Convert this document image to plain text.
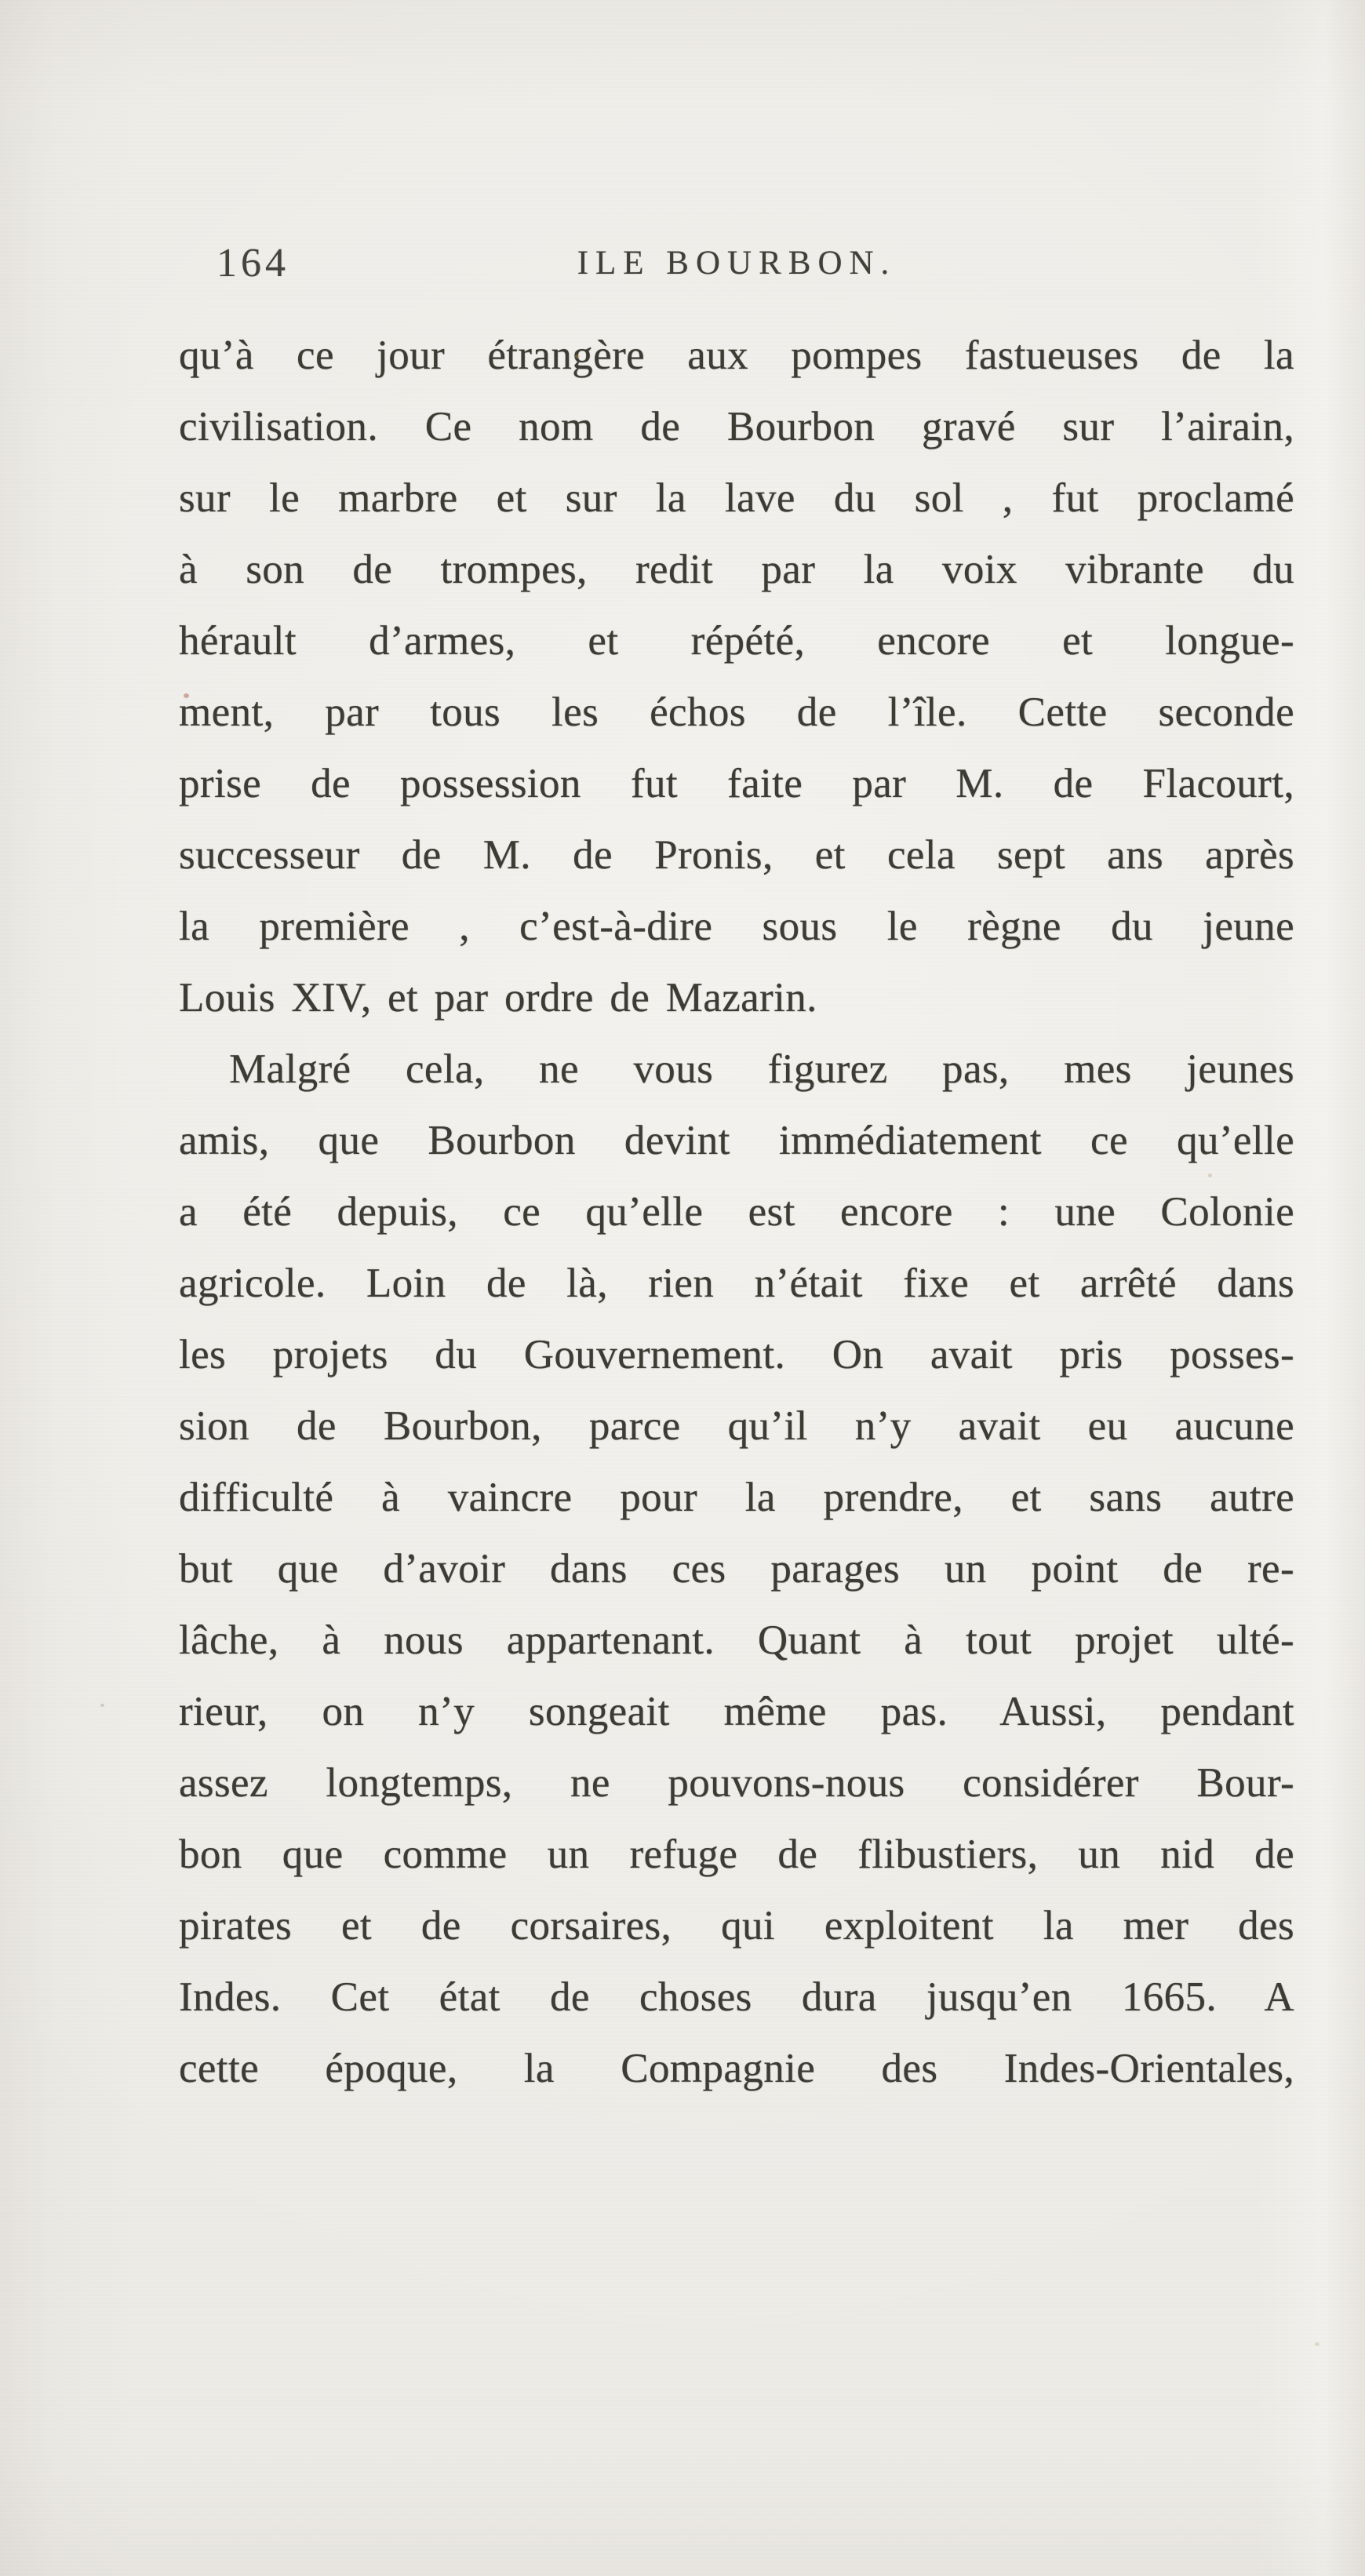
164	ILE BOURBON.
qu’à ce jour étrangère aux pompes fastueuses de la
civilisation. Ce nom de Bourbon gravé sur l’airain,
sur le marbre et sur la lave du sol , fut proclamé
à son de trompes, redit par la voix vibrante du
hérault d’armes, et répété, encore et longue-
ment, par tous les échos de l’île. Cette seconde
prise de possession fut faite par M. de Flacourt,
successeur de M. de Pronis, et cela sept ans après
la première , c’est-à-dire sous le règne du jeune
Louis XIV, et par ordre de Mazarin.
Malgré cela, ne vous figurez pas, mes jeunes
amis, que Bourbon devint immédiatement ce qu’elle
a été depuis, ce qu’elle est encore : une Colonie
agricole. Loin de là, rien n’était fixe et arrêté dans
les projets du Gouvernement. On avait pris posses-
sion de Bourbon, parce qu’il n’y avait eu aucune
difficulté à vaincre pour la prendre, et sans autre
but que d’avoir dans ces parages un point de re-
lâche, à nous appartenant. Quant à tout projet ulté-
rieur, on n’y songeait même pas. Aussi, pendant
assez longtemps, ne pouvons-nous considérer Bour-
bon que comme un refuge de flibustiers, un nid de
pirates et de corsaires, qui exploitent la mer des
Indes. Cet état de choses dura jusqu’en 1665. A
cette époque, la Compagnie des Indes-Orientales,
